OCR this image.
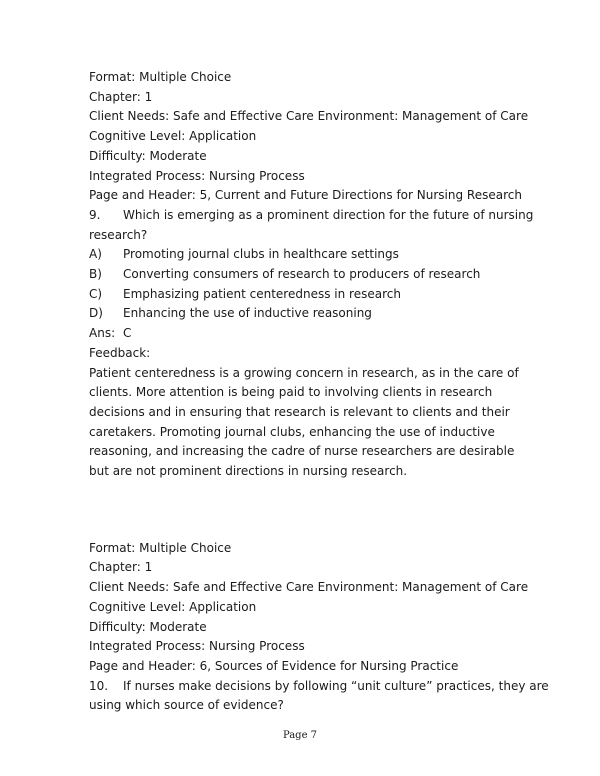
Format: Multiple Choice
Chapter: 1
Client Needs: Safe and Effective Care Environment: Management of Care
Cognitive Level: Application
Difficulty: Moderate
Integrated Process: Nursing Process
Page and Header: 5, Current and Future Directions for Nursing Research
9.	Which is emerging as a prominent direction for the future of nursing
research?
A)	Promoting journal clubs in healthcare settings
B)	Converting consumers of research to producers of research
C)	Emphasizing patient centeredness in research
D)	Enhancing the use of inductive reasoning
Ans: C
Feedback:
Patient centeredness is a growing concern in research, as in the care of clients. More attention is being paid to involving clients in research decisions and in ensuring that research is relevant to clients and their caretakers. Promoting journal clubs, enhancing the use of inductive reasoning, and increasing the cadre of nurse researchers are desirable but are not prominent directions in nursing research.
Format: Multiple Choice
Chapter: 1
Client Needs: Safe and Effective Care Environment: Management of Care
Cognitive Level: Application
Difficulty: Moderate
Integrated Process: Nursing Process
Page and Header: 6, Sources of Evidence for Nursing Practice
10.	If nurses make decisions by following “unit culture” practices, they are
using which source of evidence?
Page 7
